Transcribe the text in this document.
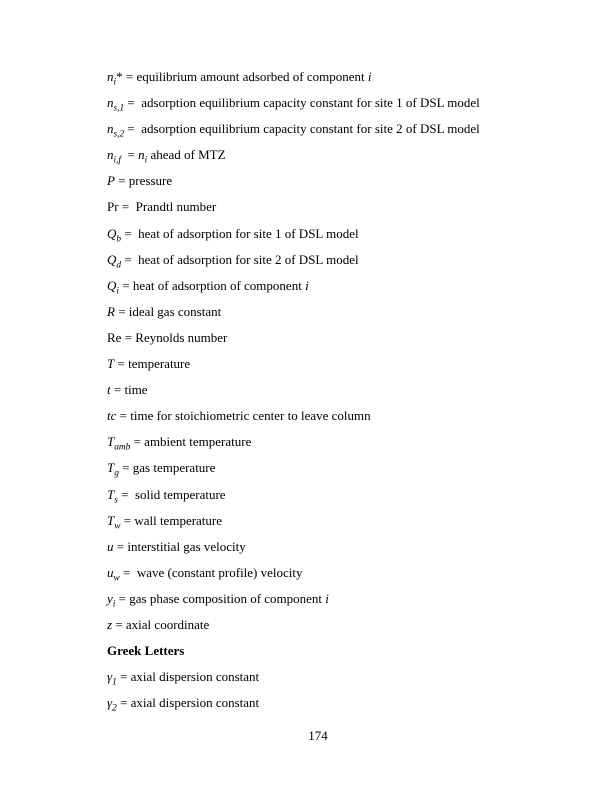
$n_i*$ = equilibrium amount adsorbed of component i
$n_{s,1}$ =  adsorption equilibrium capacity constant for site 1 of DSL model
$n_{s,2}$ =  adsorption equilibrium capacity constant for site 2 of DSL model
$n_{i,f} = n_i$ ahead of MTZ
P = pressure
Pr =  Prandtl number
$Q_b$ =  heat of adsorption for site 1 of DSL model
$Q_d$ =  heat of adsorption for site 2 of DSL model
$Q_i$ = heat of adsorption of component i
R = ideal gas constant
Re = Reynolds number
T = temperature
t = time
tc = time for stoichiometric center to leave column
$T_{amb}$ = ambient temperature
$T_g$ = gas temperature
$T_s$ =  solid temperature
$T_w$ = wall temperature
u = interstitial gas velocity
$u_w$ =  wave (constant profile) velocity
$y_i$ = gas phase composition of component i
z = axial coordinate
Greek Letters
$\gamma_1$ = axial dispersion constant
$\gamma_2$ = axial dispersion constant
174
